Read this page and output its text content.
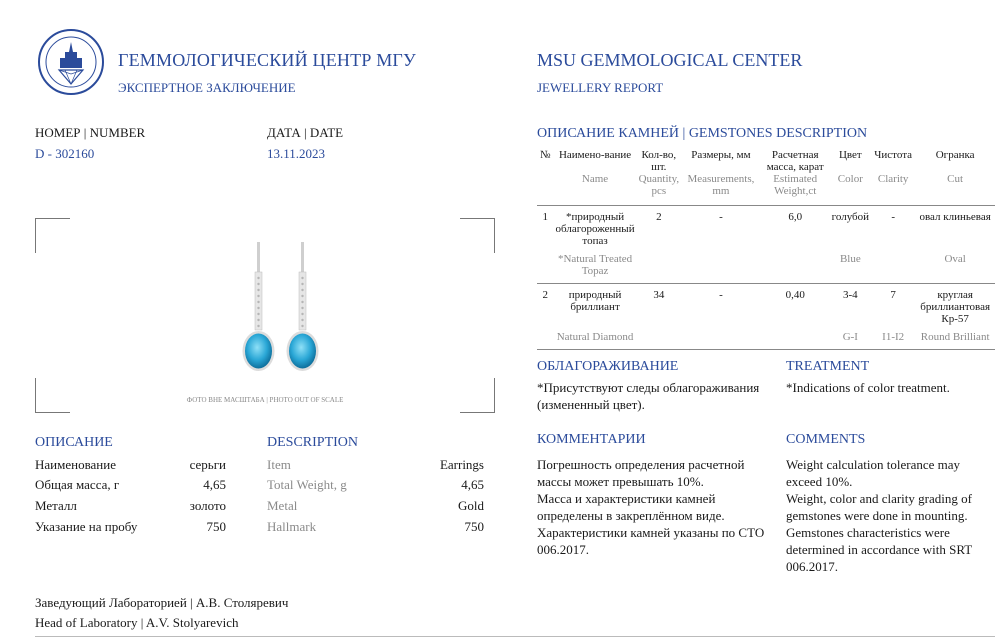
ГЕММОЛОГИЧЕСКИЙ ЦЕНТР МГУ
ЭКСПЕРТНОЕ ЗАКЛЮЧЕНИЕ
MSU GEMMOLOGICAL CENTER
JEWELLERY REPORT
НОМЕР | NUMBER
D - 302160
ДАТА | DATE
13.11.2023
ФОТО ВНЕ МАСШТАБА | PHOTO OUT OF SCALE
ОПИСАНИЕ	DESCRIPTION
Наименование	серьги	Item	Earrings
Общая масса, г	4,65	Total Weight, g	4,65
Металл	золото	Metal	Gold
Указание на пробу	750	Hallmark	750
ОПИСАНИЕ КАМНЕЙ | GEMSTONES DESCRIPTION
№	Наимено-вание	Кол-во, шт.	Размеры, мм	Расчетная масса, карат	Цвет	Чистота	Огранка
	Name	Quantity, pcs	Measurements, mm	Estimated Weight,ct	Color	Clarity	Cut

1	*природный облагороженный топаз	2	-	6,0	голубой	-	овал клиньевая

	*Natural Treated Topaz				Blue		Oval

2	природный бриллиант	34	-	0,40	3-4	7	круглая бриллиантовая Кр-57

	Natural Diamond				G-I	I1-I2	Round Brilliant

ОБЛАГОРАЖИВАНИЕ
*Присутствуют следы облагораживания (измененный цвет).
TREATMENT
*Indications of color treatment.
КОММЕНТАРИИ
Погрешность определения расчетной массы может превышать 10%.
Масса и характеристики камней определены в закреплённом виде.
Характеристики камней указаны по СТО 006.2017.
COMMENTS
Weight calculation tolerance may exceed 10%.
Weight, color and clarity grading of gemstones were done in mounting.
Gemstones characteristics were determined in accordance with SRT 006.2017.
Заведующий Лабораторией | А.В. Столяревич
Head of Laboratory | A.V. Stolyarevich
